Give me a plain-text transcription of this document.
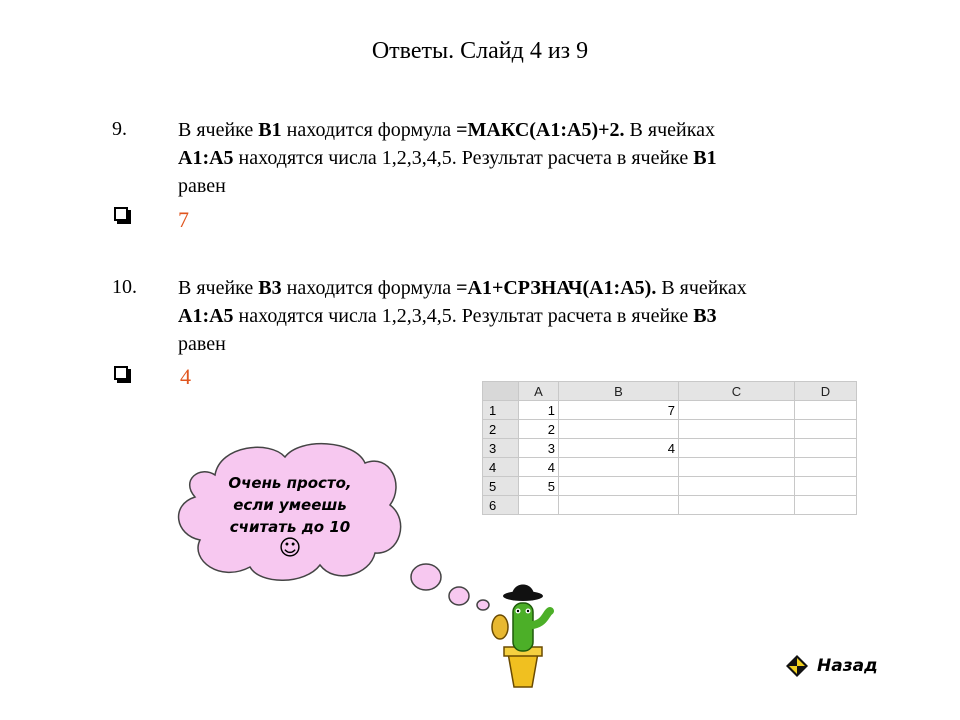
Ответы. Слайд 4 из 9
9.	В ячейке B1 находится формула =МАКС(A1:A5)+2. В ячейках
A1:A5 находятся числа 1,2,3,4,5. Результат расчета в ячейке B1
равен
7
10. В ячейке B3 находится формула =A1+СРЗНАЧ(A1:A5). В ячейках
A1:A5 находятся числа 1,2,3,4,5. Результат расчета в ячейке B3
равен
4
	A	B	C	D
1	1	7		
2	2			
3	3	4		
4	4			
5	5			
6				
Очень просто,
если умеешь
считать до 10
☺
Назад
